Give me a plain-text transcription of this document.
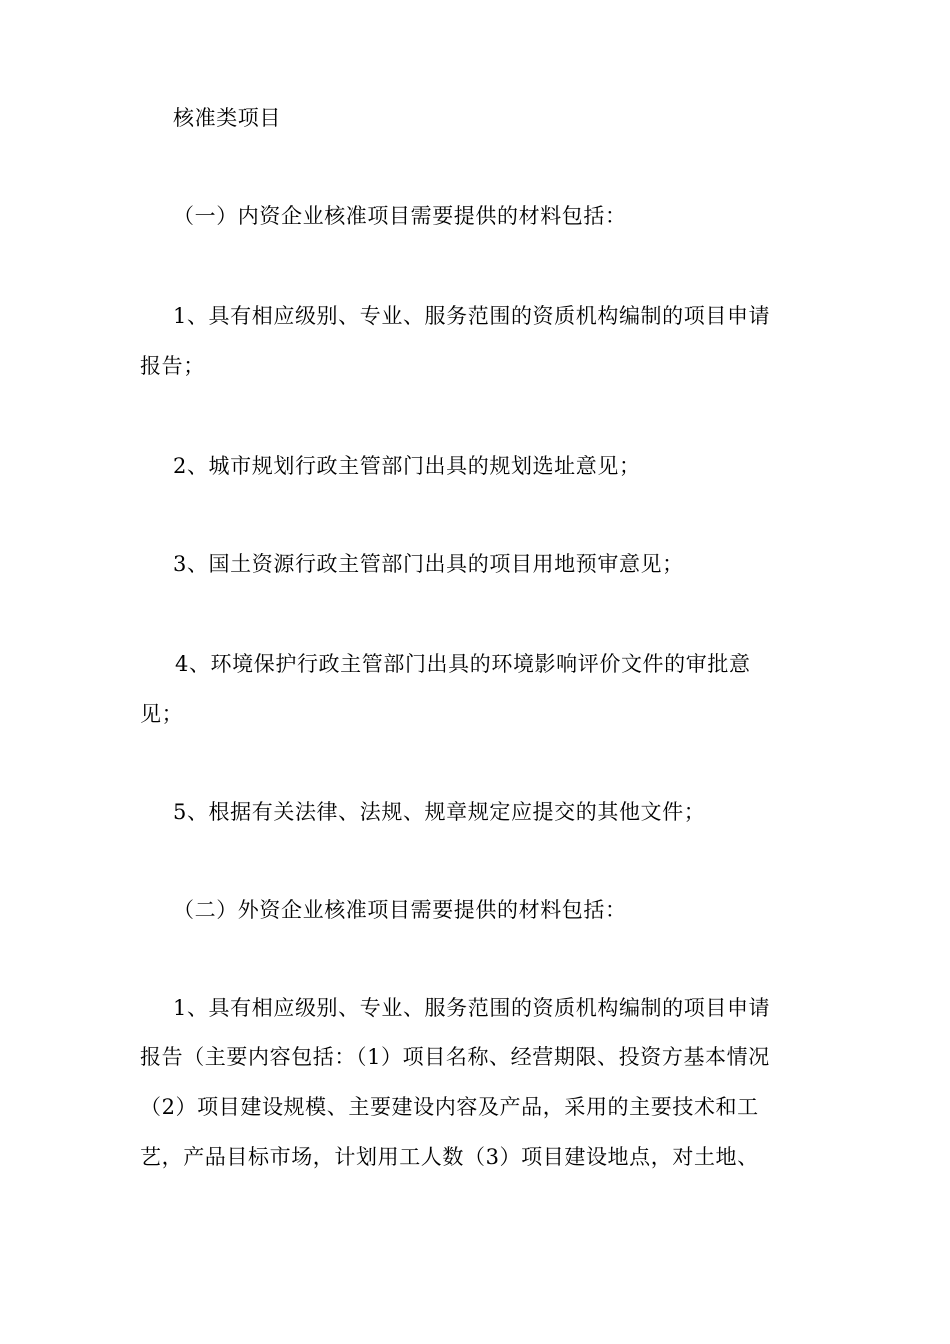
核准类项目
（一）内资企业核准项目需要提供的材料包括：
1、具有相应级别、专业、服务范围的资质机构编制的项目申请
报告；
2、城市规划行政主管部门出具的规划选址意见；
3、国土资源行政主管部门出具的项目用地预审意见；
4、环境保护行政主管部门出具的环境影响评价文件的审批意
见；
5、根据有关法律、法规、规章规定应提交的其他文件；
（二）外资企业核准项目需要提供的材料包括：
1、具有相应级别、专业、服务范围的资质机构编制的项目申请
报告（主要内容包括：（1）项目名称、经营期限、投资方基本情况
（2）项目建设规模、主要建设内容及产品，采用的主要技术和工
艺，产品目标市场，计划用工人数（3）项目建设地点，对土地、
